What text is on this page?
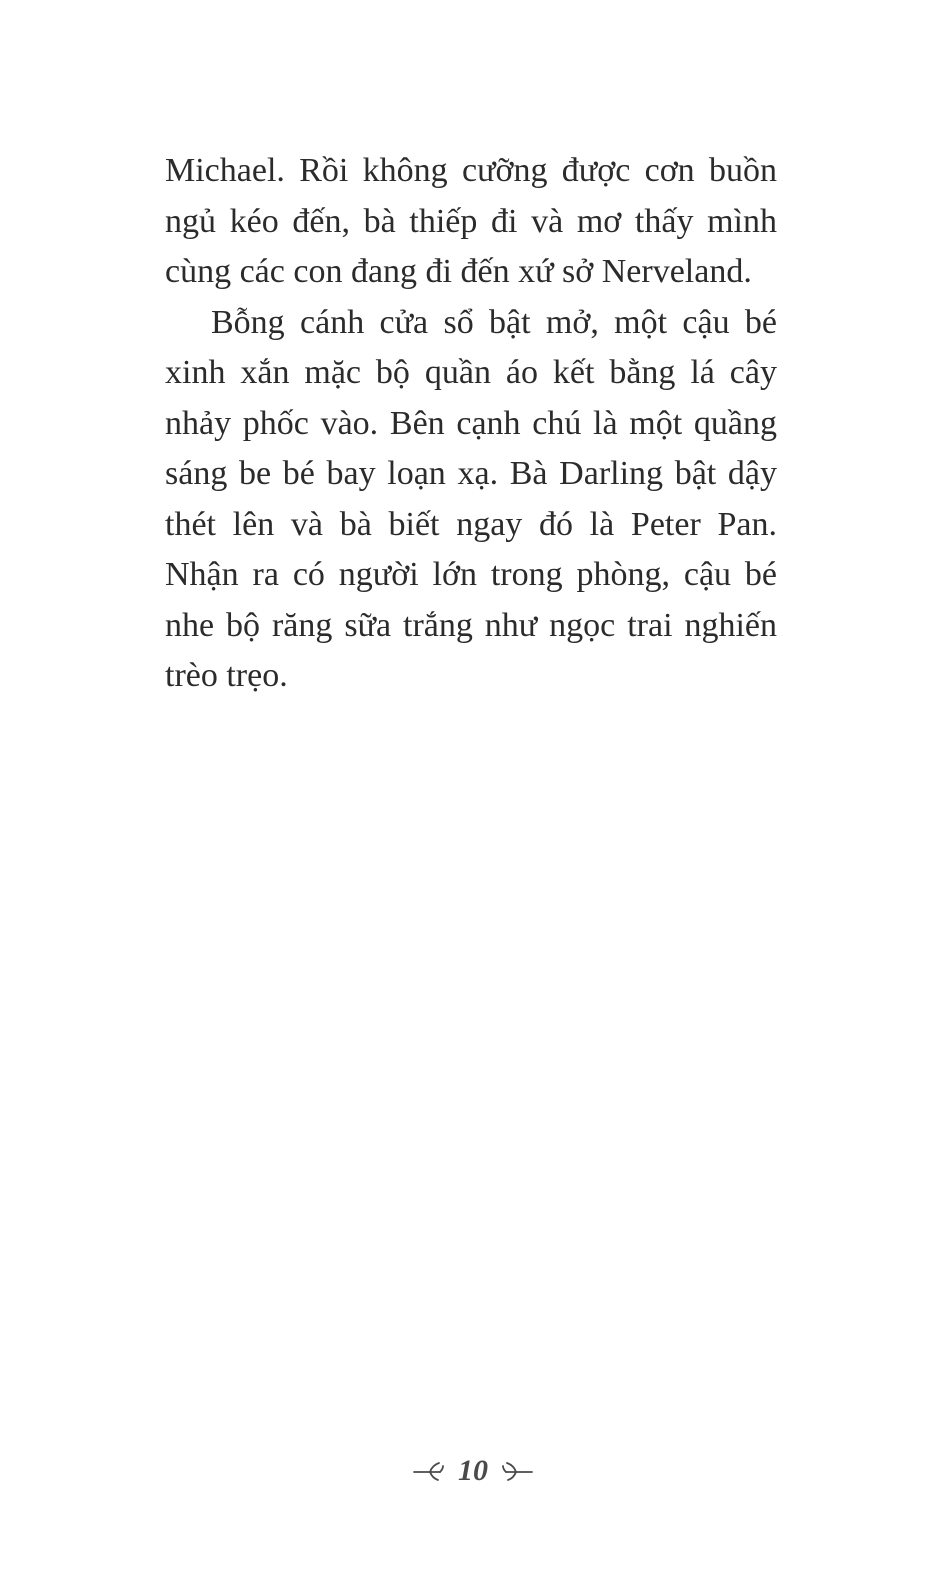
Michael. Rồi không cưỡng được cơn buồn
ngủ kéo đến, bà thiếp đi và mơ thấy mình
cùng các con đang đi đến xứ sở Nerveland.

Bỗng cánh cửa sổ bật mở, một cậu bé
xinh xắn mặc bộ quần áo kết bằng lá cây
nhảy phốc vào. Bên cạnh chú là một quầng
sáng be bé bay loạn xạ. Bà Darling bật dậy
thét lên và bà biết ngay đó là Peter Pan.
Nhận ra có người lớn trong phòng, cậu bé
nhe bộ răng sữa trắng như ngọc trai nghiến
trèo trẹo.

10
